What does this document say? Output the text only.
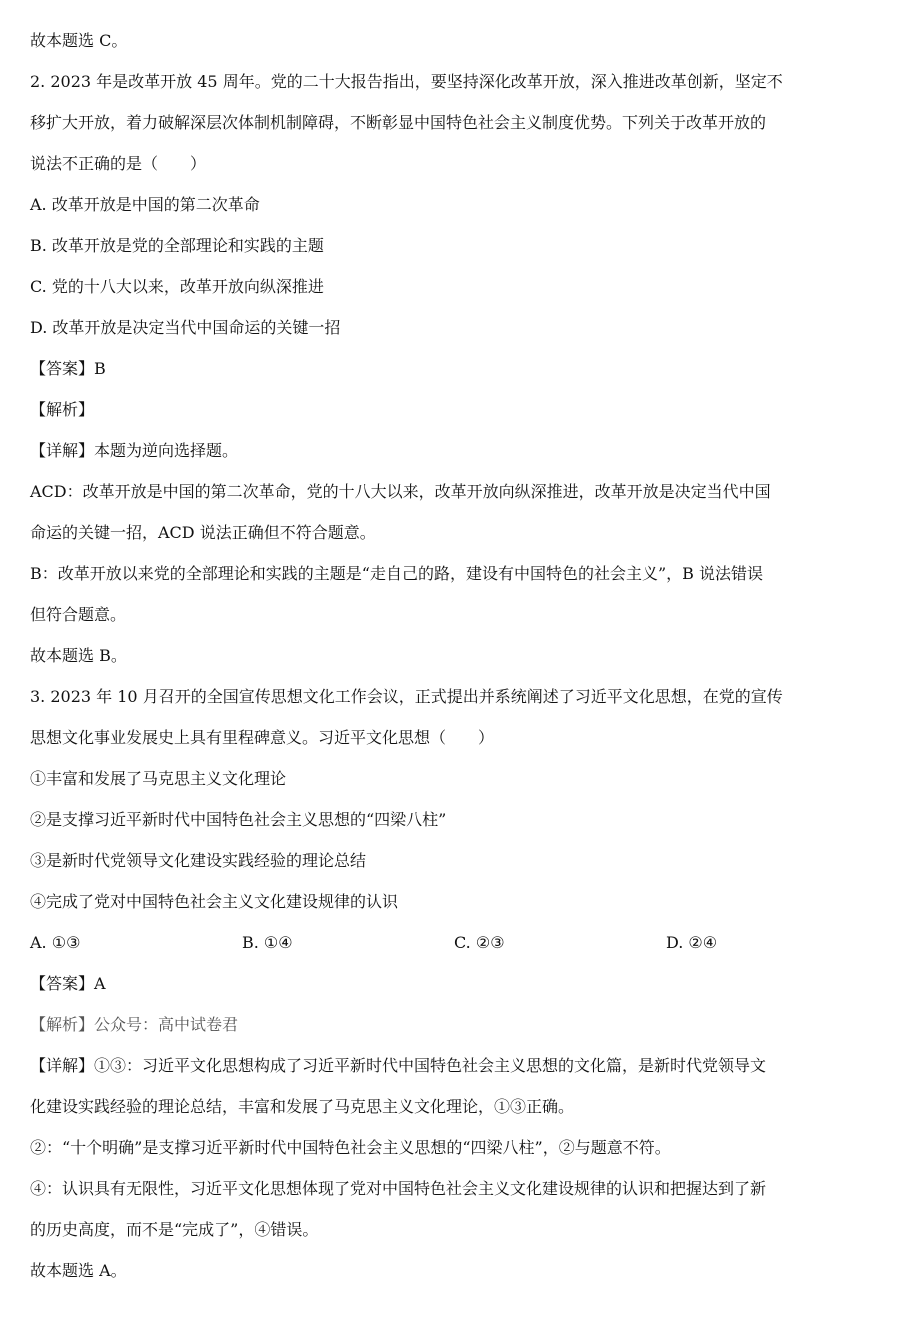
故本题选 C。
2. 2023 年是改革开放 45 周年。党的二十大报告指出，要坚持深化改革开放，深入推进改革创新，坚定不
移扩大开放，着力破解深层次体制机制障碍，不断彰显中国特色社会主义制度优势。下列关于改革开放的
说法不正确的是（　　）
A. 改革开放是中国的第二次革命
B. 改革开放是党的全部理论和实践的主题
C. 党的十八大以来，改革开放向纵深推进
D. 改革开放是决定当代中国命运的关键一招
【答案】B
【解析】
【详解】本题为逆向选择题。
ACD：改革开放是中国的第二次革命，党的十八大以来，改革开放向纵深推进，改革开放是决定当代中国
命运的关键一招，ACD 说法正确但不符合题意。
B：改革开放以来党的全部理论和实践的主题是“走自己的路，建设有中国特色的社会主义”，B 说法错误
但符合题意。
故本题选 B。
3. 2023 年 10 月召开的全国宣传思想文化工作会议，正式提出并系统阐述了习近平文化思想，在党的宣传
思想文化事业发展史上具有里程碑意义。习近平文化思想（　　）
①丰富和发展了马克思主义文化理论
②是支撑习近平新时代中国特色社会主义思想的“四梁八柱”
③是新时代党领导文化建设实践经验的理论总结
④完成了党对中国特色社会主义文化建设规律的认识
A. ①③	B. ①④	C. ②③	D. ②④
【答案】A
【解析】公众号：高中试卷君
【详解】①③：习近平文化思想构成了习近平新时代中国特色社会主义思想的文化篇，是新时代党领导文
化建设实践经验的理论总结，丰富和发展了马克思主义文化理论，①③正确。
②：“十个明确”是支撑习近平新时代中国特色社会主义思想的“四梁八柱”，②与题意不符。
④：认识具有无限性，习近平文化思想体现了党对中国特色社会主义文化建设规律的认识和把握达到了新
的历史高度，而不是“完成了”，④错误。
故本题选 A。
